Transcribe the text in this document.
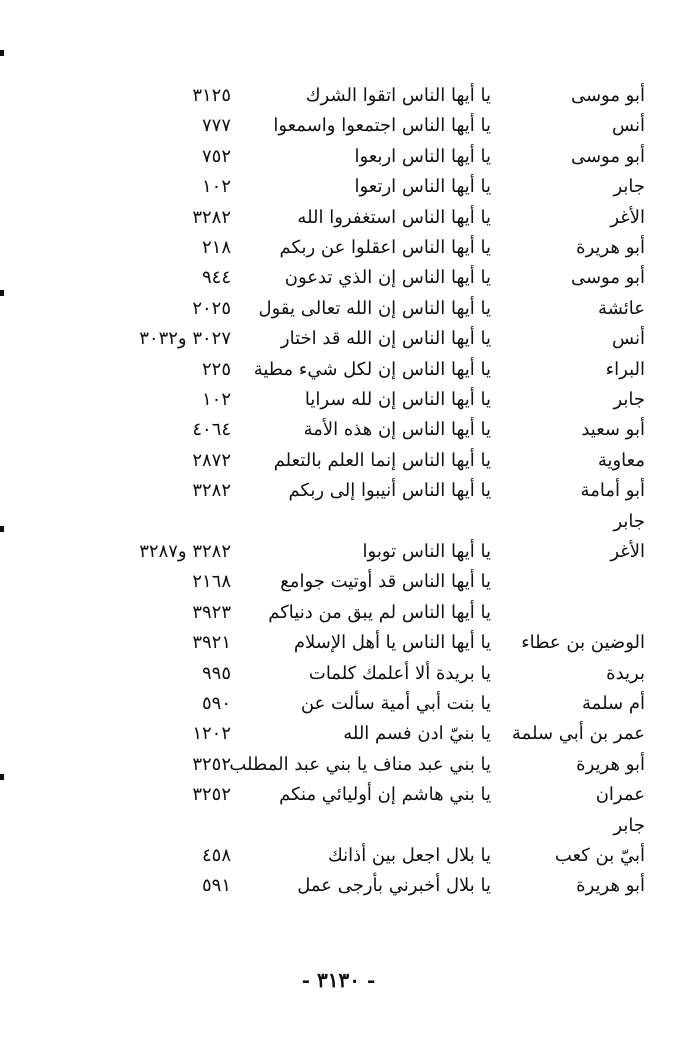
أبو موسى
يا أيها الناس اتقوا الشرك
٣١٢٥
أنس
يا أيها الناس اجتمعوا واسمعوا
٧٧٧
أبو موسى
يا أيها الناس اربعوا
٧٥٢
جابر
يا أيها الناس ارتعوا
١٠٢
الأغر
يا أيها الناس استغفروا الله
٣٢٨٢
أبو هريرة
يا أيها الناس اعقلوا عن ربكم
٢١٨
أبو موسى
يا أيها الناس إن الذي تدعون
٩٤٤
عائشة
يا أيها الناس إن الله تعالى يقول
٢٠٢٥
أنس
يا أيها الناس إن الله قد اختار
٣٠٢٧ و٣٠٣٢
البراء
يا أيها الناس إن لكل شيء مطية
٢٢٥
جابر
يا أيها الناس إن لله سرايا
١٠٢
أبو سعيد
يا أيها الناس إن هذه الأمة
٤٠٦٤
معاوية
يا أيها الناس إنما العلم بالتعلم
٢٨٧٢
أبو أمامة
يا أيها الناس أنيبوا إلى ربكم
٣٢٨٢
جابر
الأغر
يا أيها الناس توبوا
٣٢٨٢ و٣٢٨٧
يا أيها الناس قد أوتيت جوامع
٢١٦٨
يا أيها الناس لم يبق من دنياكم
٣٩٢٣
الوضين بن عطاء
يا أيها الناس يا أهل الإسلام
٣٩٢١
بريدة
يا بريدة ألا أعلمك كلمات
٩٩٥
أم سلمة
يا بنت أبي أمية سألت عن
٥٩٠
عمر بن أبي سلمة
يا بنيّ ادن فسم الله
١٢٠٢
أبو هريرة
يا بني عبد مناف يا بني عبد المطلب
٣٢٥٢
عمران
يا بني هاشم إن أوليائي منكم
٣٢٥٢
جابر
أبيّ بن كعب
يا بلال اجعل بين أذانك
٤٥٨
أبو هريرة
يا بلال أخبرني بأرجى عمل
٥٩١
- ٣١٣٠ -
